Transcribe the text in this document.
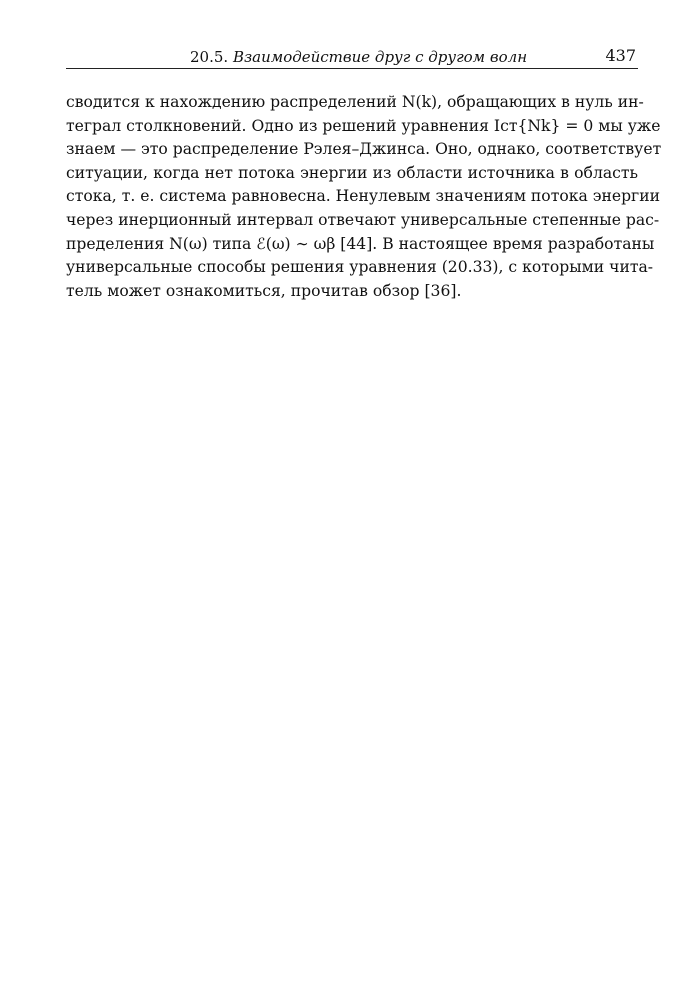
20.5. Взаимодействие друг с другом волн	437
сводится к нахождению распределений N(k), обращающих в нуль ин-
теграл столкновений. Одно из решений уравнения Iст{Nk} = 0 мы уже
знаем — это распределение Рэлея–Джинса. Оно, однако, соответствует
ситуации, когда нет потока энергии из области источника в область
стока, т. е. система равновесна. Ненулевым значениям потока энергии
через инерционный интервал отвечают универсальные степенные рас-
пределения N(ω) типа ℰ(ω) ∼ ωβ [44]. В настоящее время разработаны
универсальные способы решения уравнения (20.33), с которыми чита-
тель может ознакомиться, прочитав обзор [36].
